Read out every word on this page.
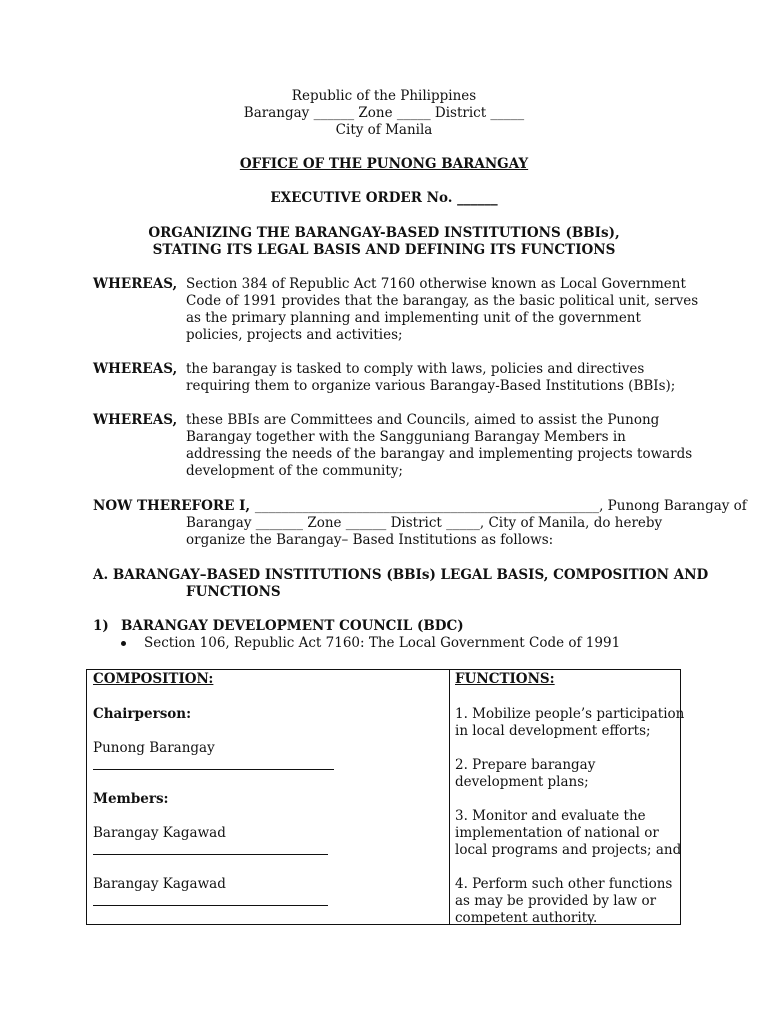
Republic of the Philippines
Barangay ______ Zone _____ District _____
City of Manila
OFFICE OF THE PUNONG BARANGAY
EXECUTIVE ORDER No. ______
ORGANIZING THE BARANGAY-BASED INSTITUTIONS (BBIs),
STATING ITS LEGAL BASIS AND DEFINING ITS FUNCTIONS
WHEREAS, Section 384 of Republic Act 7160 otherwise known as Local Government
Code of 1991 provides that the barangay, as the basic political unit, serves
as the primary planning and implementing unit of the government
policies, projects and activities;
WHEREAS, the barangay is tasked to comply with laws, policies and directives
requiring them to organize various Barangay-Based Institutions (BBIs);
WHEREAS, these BBIs are Committees and Councils, aimed to assist the Punong
Barangay together with the Sangguniang Barangay Members in
addressing the needs of the barangay and implementing projects towards
development of the community;
NOW THEREFORE I, ___________________________________________________, Punong Barangay of
Barangay _______ Zone ______ District _____, City of Manila, do hereby
organize the Barangay– Based Institutions as follows:
A. BARANGAY–BASED INSTITUTIONS (BBIs) LEGAL BASIS, COMPOSITION AND
FUNCTIONS
1) BARANGAY DEVELOPMENT COUNCIL (BDC)
Section 106, Republic Act 7160: The Local Government Code of 1991
COMPOSITION:
Chairperson:
Punong Barangay
Members:
Barangay Kagawad
Barangay Kagawad
FUNCTIONS:
1. Mobilize people’s participation
in local development efforts;
2. Prepare barangay
development plans;
3. Monitor and evaluate the
implementation of national or
local programs and projects; and
4. Perform such other functions
as may be provided by law or
competent authority.
